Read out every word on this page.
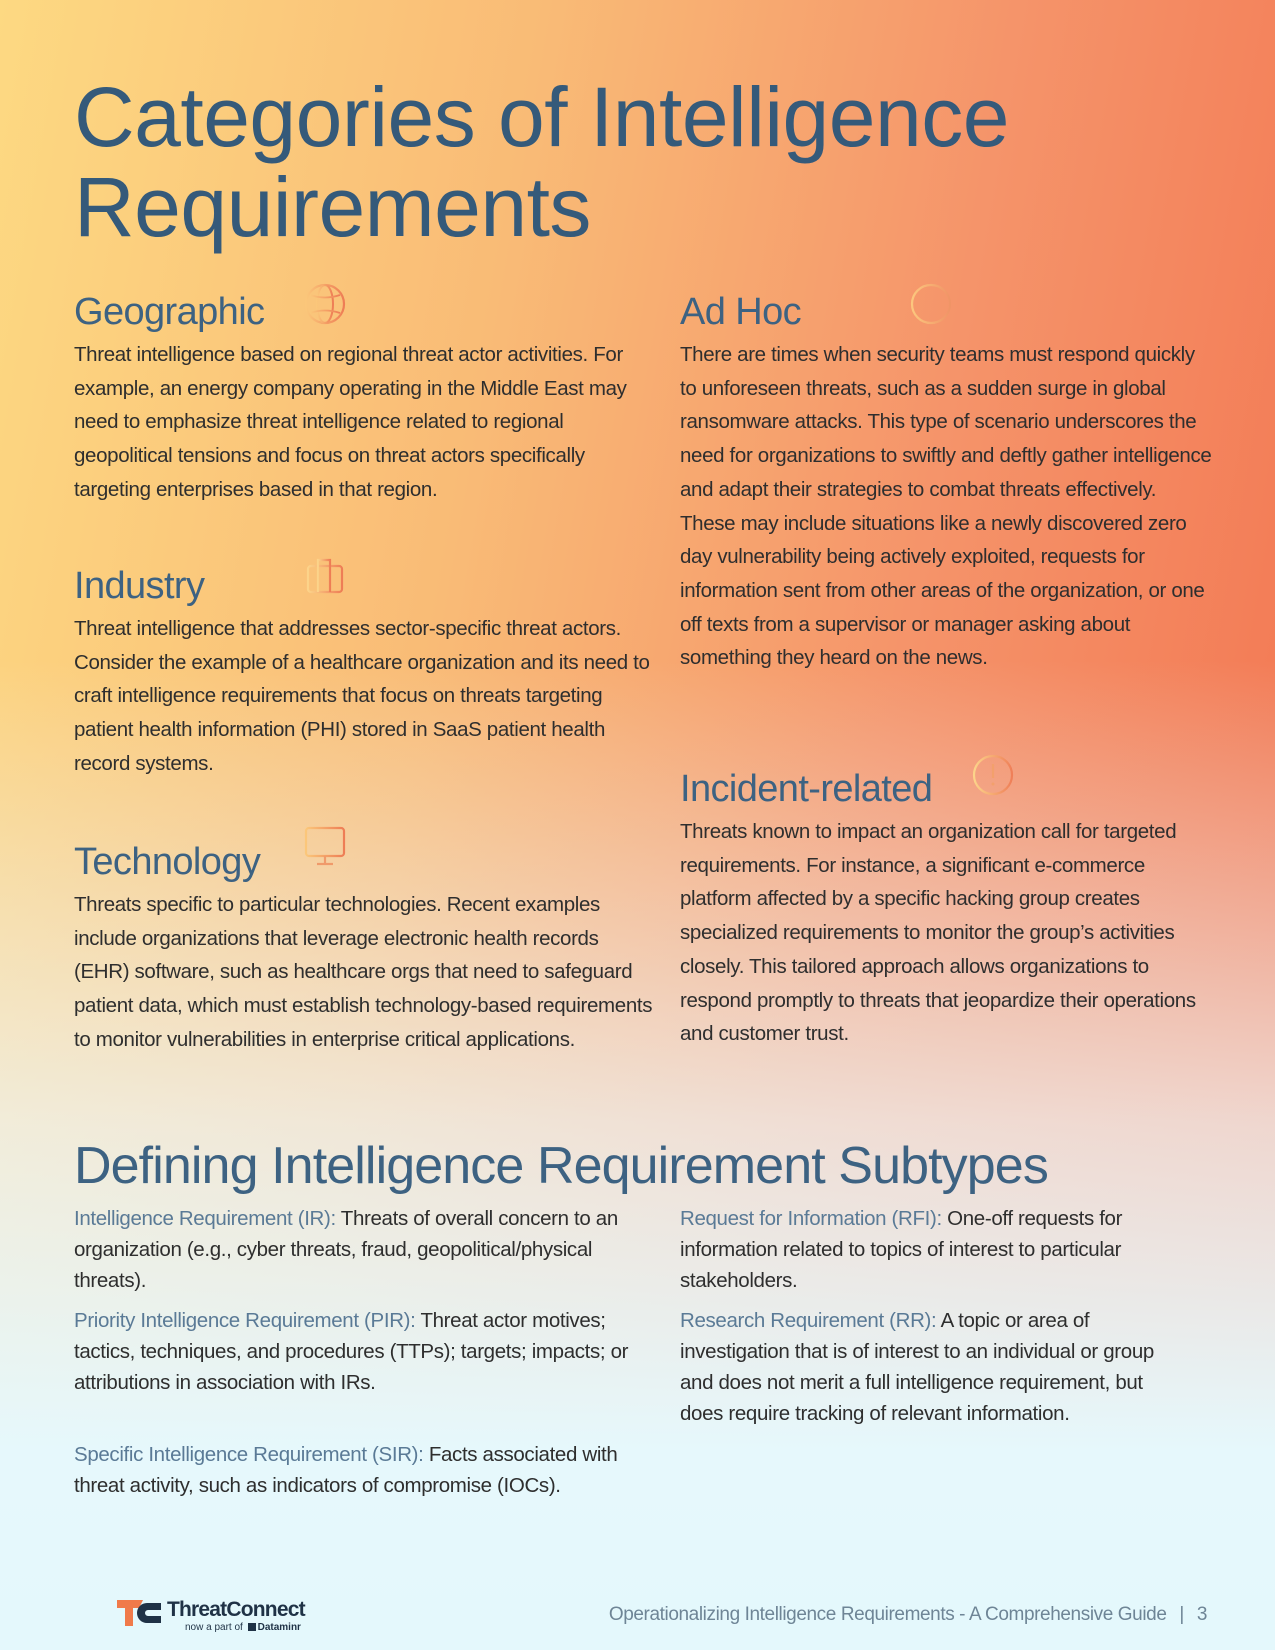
Categories of Intelligence
Requirements
Geographic

Threat intelligence based on regional threat actor activities. For example, an energy company operating in the Middle East may need to emphasize threat intelligence related to regional geopolitical tensions and focus on threat actors specifically targeting enterprises based in that region.

Industry

Threat intelligence that addresses sector-specific threat actors. Consider the example of a healthcare organization and its need to craft intelligence requirements that focus on threats targeting patient health information (PHI) stored in SaaS patient health record systems.

Technology

Threats specific to particular technologies. Recent examples include organizations that leverage electronic health records (EHR) software, such as healthcare orgs that need to safeguard patient data, which must establish technology-based requirements to monitor vulnerabilities in enterprise critical applications.

Ad Hoc

There are times when security teams must respond quickly to unforeseen threats, such as a sudden surge in global ransomware attacks. This type of scenario underscores the need for organizations to swiftly and deftly gather intelligence and adapt their strategies to combat threats effectively. These may include situations like a newly discovered zero day vulnerability being actively exploited, requests for information sent from other areas of the organization, or one off texts from a supervisor or manager asking about something they heard on the news.

Incident-related

Threats known to impact an organization call for targeted requirements. For instance, a significant e-commerce platform affected by a specific hacking group creates specialized requirements to monitor the group’s activities closely. This tailored approach allows organizations to respond promptly to threats that jeopardize their operations and customer trust.

Defining Intelligence Requirement Subtypes

Intelligence Requirement (IR): Threats of overall concern to an organization (e.g., cyber threats, fraud, geopolitical/physical threats).

Priority Intelligence Requirement (PIR): Threat actor motives; tactics, techniques, and procedures (TTPs); targets; impacts; or attributions in association with IRs.

Specific Intelligence Requirement (SIR): Facts associated with threat activity, such as indicators of compromise (IOCs).

Request for Information (RFI): One-off requests for information related to topics of interest to particular stakeholders.

Research Requirement (RR): A topic or area of investigation that is of interest to an individual or group and does not merit a full intelligence requirement, but does require tracking of relevant information.

ThreatConnect
now a part of Dataminr
Operationalizing Intelligence Requirements - A Comprehensive Guide | 3
